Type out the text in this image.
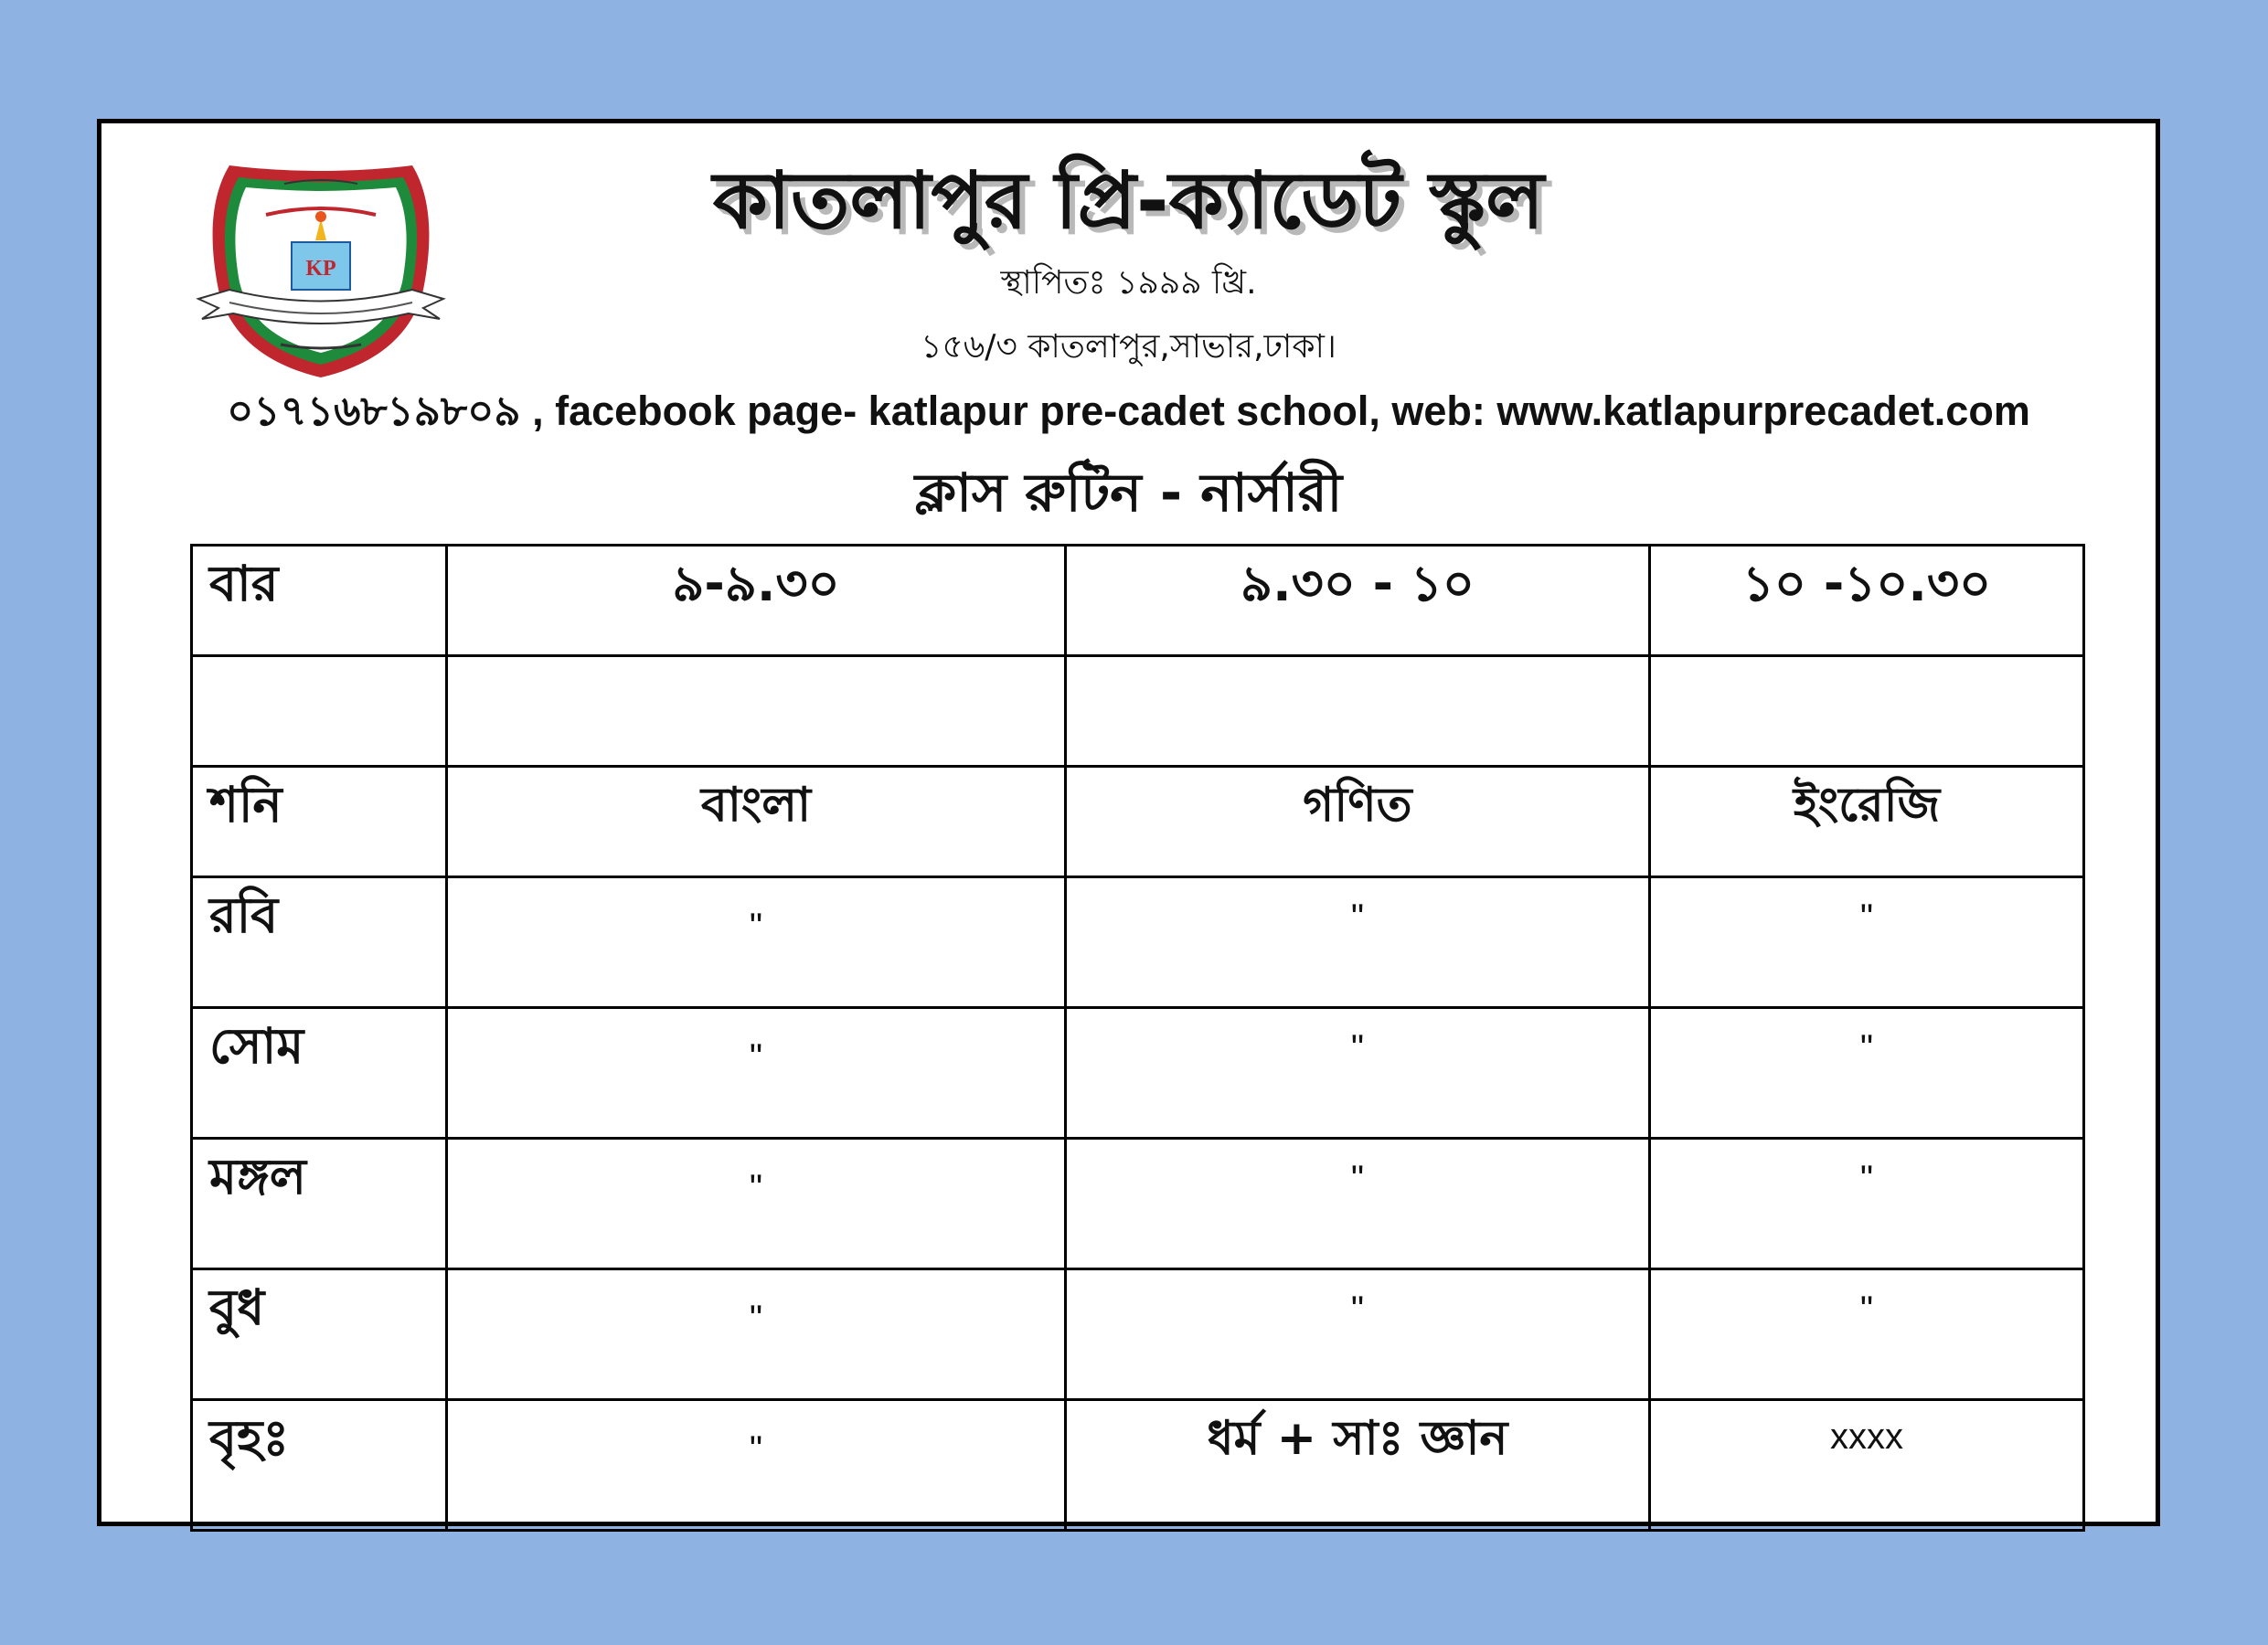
KP
কাতলাপুর প্রি-ক্যাডেট স্কুল
স্থাপিতঃ ১৯৯৯ খ্রি.
১৫৬/৩ কাতলাপুর,সাভার,ঢাকা।
০১৭১৬৮১৯৮০৯ , facebook page- katlapur pre-cadet school, web: www.katlapurprecadet.com
ক্লাস রুটিন - নার্সারী
বার	৯-৯.৩০	৯.৩০ - ১০	১০ -১০.৩০

শনি	বাংলা	গণিত	ইংরেজি
রবি	"	"	"
সোম	"	"	"
মঙ্গল	"	"	"
বুধ	"	"	"
বৃহঃ	"	ধর্ম + সাঃ জ্ঞান	xxxx
